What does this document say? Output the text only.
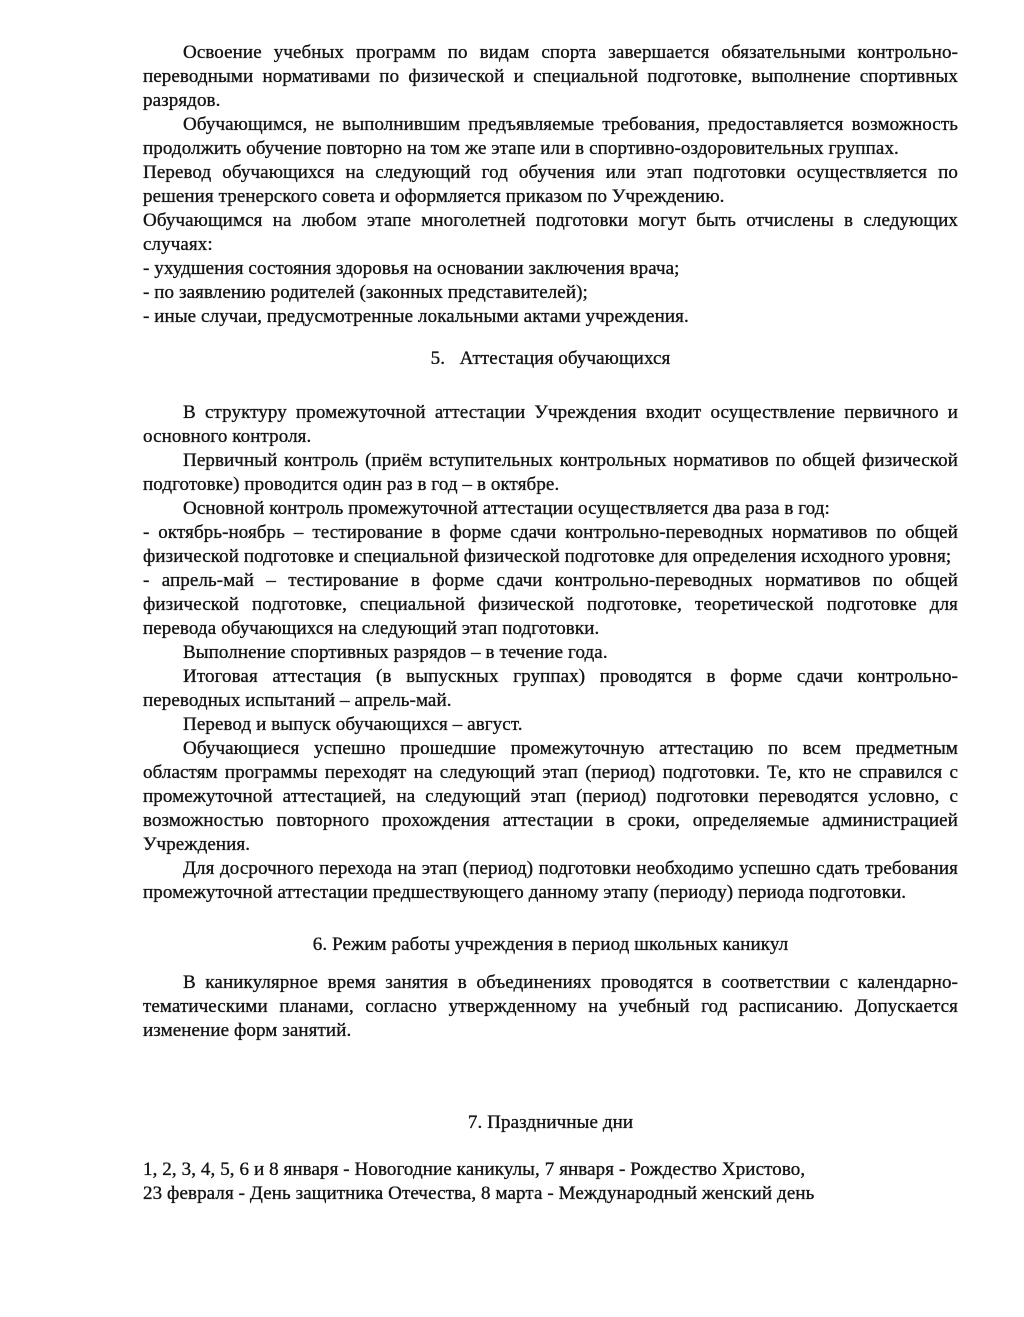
Освоение учебных программ по видам спорта завершается обязательными контрольно-переводными нормативами по физической и специальной подготовке, выполнение спортивных разрядов.

Обучающимся, не выполнившим предъявляемые требования, предоставляется возможность продолжить обучение повторно на том же этапе или в спортивно-оздоровительных группах.

Перевод обучающихся на следующий год обучения или этап подготовки осуществляется по решения тренерского совета и оформляется приказом по Учреждению.

Обучающимся на любом этапе многолетней подготовки могут быть отчислены в следующих случаях:

- ухудшения состояния здоровья на основании заключения врача;

- по заявлению родителей (законных представителей);

- иные случаи, предусмотренные локальными актами учреждения.

5.   Аттестация обучающихся

В структуру промежуточной аттестации Учреждения входит осуществление первичного и основного контроля.

Первичный контроль (приём вступительных контрольных нормативов по общей физической подготовке) проводится один раз в год – в октябре.

Основной контроль промежуточной аттестации осуществляется два раза в год:

- октябрь-ноябрь – тестирование в форме сдачи контрольно-переводных нормативов по общей физической подготовке и специальной физической подготовке для определения исходного уровня;

- апрель-май – тестирование в форме сдачи контрольно-переводных нормативов по общей физической подготовке, специальной физической подготовке, теоретической подготовке для перевода обучающихся на следующий этап подготовки.

Выполнение спортивных разрядов – в течение года.

Итоговая аттестация (в выпускных группах) проводятся в форме сдачи контрольно-переводных испытаний – апрель-май.

Перевод и выпуск обучающихся – август.

Обучающиеся успешно прошедшие промежуточную аттестацию по всем предметным областям программы переходят на следующий этап (период) подготовки. Те, кто не справился с промежуточной аттестацией, на следующий этап (период) подготовки переводятся условно, с возможностью повторного прохождения аттестации в сроки, определяемые администрацией Учреждения.

Для досрочного перехода на этап (период) подготовки необходимо успешно сдать требования промежуточной аттестации предшествующего данному этапу (периоду) периода подготовки.

6. Режим работы учреждения в период школьных каникул

В каникулярное время занятия в объединениях проводятся в соответствии с календарно-тематическими планами, согласно утвержденному на учебный год расписанию. Допускается изменение форм занятий.

7. Праздничные дни

1, 2, 3, 4, 5, 6 и 8 января - Новогодние каникулы, 7 января - Рождество Христово,

23 февраля - День защитника Отечества, 8 марта - Международный женский день
